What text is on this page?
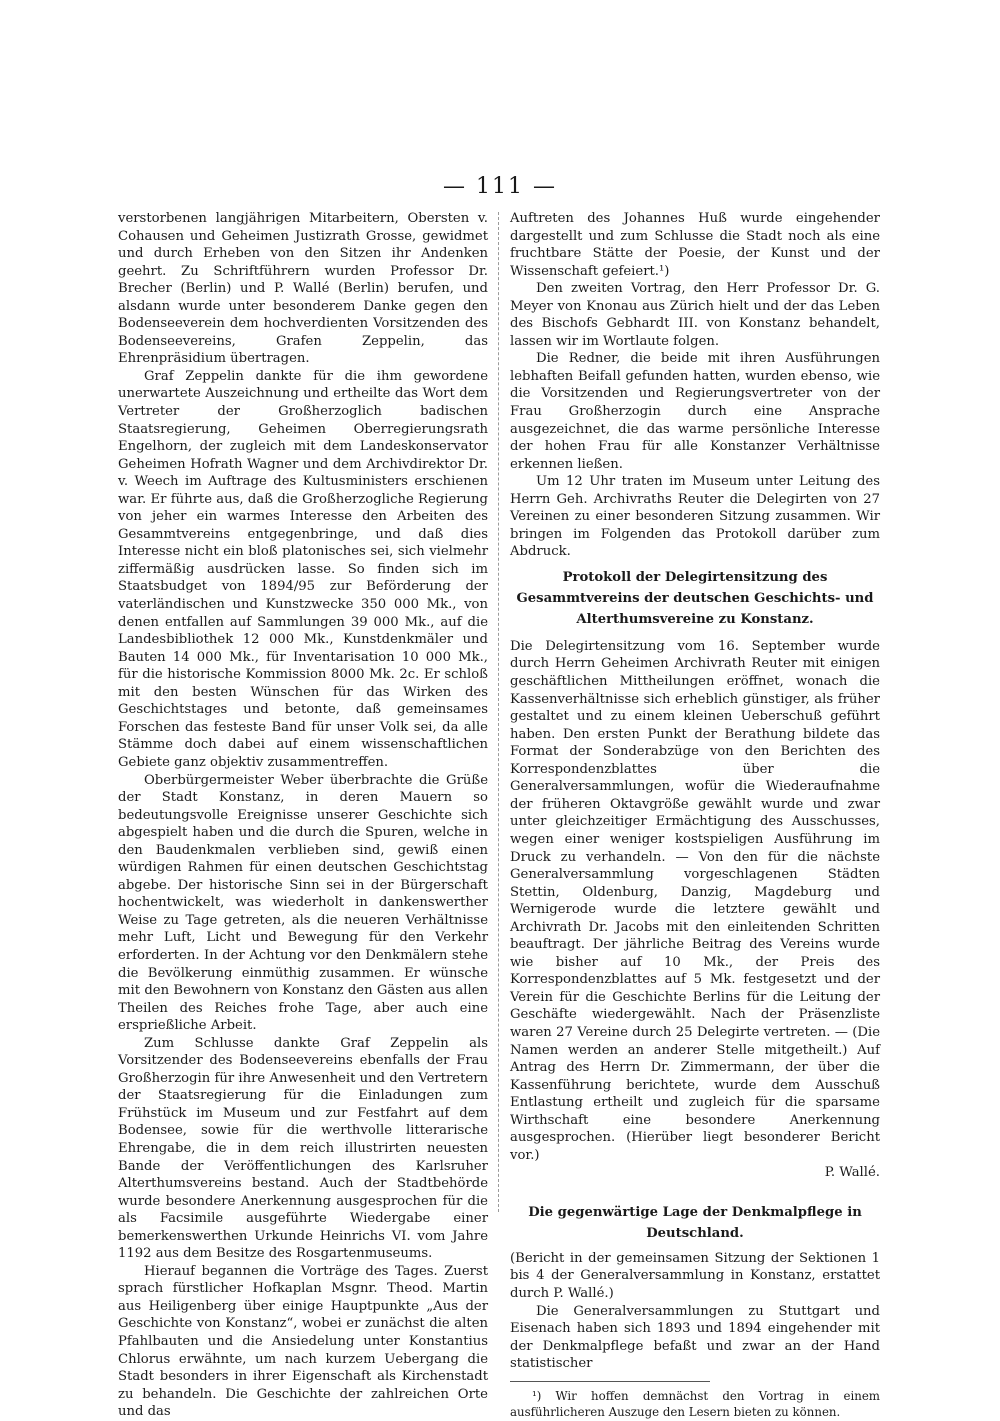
— 111 —

verstorbenen langjährigen Mitarbeitern, Obersten v. Cohausen und Geheimen Justizrath Grosse, gewidmet und durch Erheben von den Sitzen ihr Andenken geehrt. Zu Schriftführern wurden Professor Dr. Brecher (Berlin) und P. Wallé (Berlin) berufen, und alsdann wurde unter besonderem Danke gegen den Bodenseeverein dem hochverdienten Vorsitzenden des Bodenseevereins, Grafen Zeppelin, das Ehrenpräsidium übertragen.

Graf Zeppelin dankte für die ihm gewordene unerwartete Auszeichnung und ertheilte das Wort dem Vertreter der Großherzoglich badischen Staatsregierung, Geheimen Oberregierungsrath Engelhorn, der zugleich mit dem Landeskonservator Geheimen Hofrath Wagner und dem Archivdirektor Dr. v. Weech im Auftrage des Kultusministers erschienen war. Er führte aus, daß die Großherzogliche Regierung von jeher ein warmes Interesse den Arbeiten des Gesammtvereins entgegenbringe, und daß dies Interesse nicht ein bloß platonisches sei, sich vielmehr ziffermäßig ausdrücken lasse. So finden sich im Staatsbudget von 1894/95 zur Beförderung der vaterländischen und Kunstzwecke 350 000 Mk., von denen entfallen auf Sammlungen 39 000 Mk., auf die Landesbibliothek 12 000 Mk., Kunstdenkmäler und Bauten 14 000 Mk., für Inventarisation 10 000 Mk., für die historische Kommission 8000 Mk. 2c. Er schloß mit den besten Wünschen für das Wirken des Geschichtstages und betonte, daß gemeinsames Forschen das festeste Band für unser Volk sei, da alle Stämme doch dabei auf einem wissenschaftlichen Gebiete ganz objektiv zusammentreffen.

Oberbürgermeister Weber überbrachte die Grüße der Stadt Konstanz, in deren Mauern so bedeutungsvolle Ereignisse unserer Geschichte sich abgespielt haben und die durch die Spuren, welche in den Baudenkmalen verblieben sind, gewiß einen würdigen Rahmen für einen deutschen Geschichtstag abgebe. Der historische Sinn sei in der Bürgerschaft hochentwickelt, was wiederholt in dankenswerther Weise zu Tage getreten, als die neueren Verhältnisse mehr Luft, Licht und Bewegung für den Verkehr erforderten. In der Achtung vor den Denkmälern stehe die Bevölkerung einmüthig zusammen. Er wünsche mit den Bewohnern von Konstanz den Gästen aus allen Theilen des Reiches frohe Tage, aber auch eine ersprießliche Arbeit.

Zum Schlusse dankte Graf Zeppelin als Vorsitzender des Bodenseevereins ebenfalls der Frau Großherzogin für ihre Anwesenheit und den Vertretern der Staatsregierung für die Einladungen zum Frühstück im Museum und zur Festfahrt auf dem Bodensee, sowie für die werthvolle litterarische Ehrengabe, die in dem reich illustrirten neuesten Bande der Veröffentlichungen des Karlsruher Alterthumsvereins bestand. Auch der Stadtbehörde wurde besondere Anerkennung ausgesprochen für die als Facsimile ausgeführte Wiedergabe einer bemerkenswerthen Urkunde Heinrichs VI. vom Jahre 1192 aus dem Besitze des Rosgartenmuseums.

Hierauf begannen die Vorträge des Tages. Zuerst sprach fürstlicher Hofkaplan Msgnr. Theod. Martin aus Heiligenberg über einige Hauptpunkte „Aus der Geschichte von Konstanz“, wobei er zunächst die alten Pfahlbauten und die Ansiedelung unter Konstantius Chlorus erwähnte, um nach kurzem Uebergang die Stadt besonders in ihrer Eigenschaft als Kirchenstadt zu behandeln. Die Geschichte der zahlreichen Orte und das

Auftreten des Johannes Huß wurde eingehender dargestellt und zum Schlusse die Stadt noch als eine fruchtbare Stätte der Poesie, der Kunst und der Wissenschaft gefeiert.¹)

Den zweiten Vortrag, den Herr Professor Dr. G. Meyer von Knonau aus Zürich hielt und der das Leben des Bischofs Gebhardt III. von Konstanz behandelt, lassen wir im Wortlaute folgen.

Die Redner, die beide mit ihren Ausführungen lebhaften Beifall gefunden hatten, wurden ebenso, wie die Vorsitzenden und Regierungsvertreter von der Frau Großherzogin durch eine Ansprache ausgezeichnet, die das warme persönliche Interesse der hohen Frau für alle Konstanzer Verhältnisse erkennen ließen.

Um 12 Uhr traten im Museum unter Leitung des Herrn Geh. Archivraths Reuter die Delegirten von 27 Vereinen zu einer besonderen Sitzung zusammen. Wir bringen im Folgenden das Protokoll darüber zum Abdruck.

Protokoll der Delegirtensitzung des Gesammtvereins der deutschen Geschichts- und Alterthumsvereine zu Konstanz.

Die Delegirtensitzung vom 16. September wurde durch Herrn Geheimen Archivrath Reuter mit einigen geschäftlichen Mittheilungen eröffnet, wonach die Kassenverhältnisse sich erheblich günstiger, als früher gestaltet und zu einem kleinen Ueberschuß geführt haben. Den ersten Punkt der Berathung bildete das Format der Sonderabzüge von den Berichten des Korrespondenzblattes über die Generalversammlungen, wofür die Wiederaufnahme der früheren Oktavgröße gewählt wurde und zwar unter gleichzeitiger Ermächtigung des Ausschusses, wegen einer weniger kostspieligen Ausführung im Druck zu verhandeln. — Von den für die nächste Generalversammlung vorgeschlagenen Städten Stettin, Oldenburg, Danzig, Magdeburg und Wernigerode wurde die letztere gewählt und Archivrath Dr. Jacobs mit den einleitenden Schritten beauftragt. Der jährliche Beitrag des Vereins wurde wie bisher auf 10 Mk., der Preis des Korrespondenzblattes auf 5 Mk. festgesetzt und der Verein für die Geschichte Berlins für die Leitung der Geschäfte wiedergewählt. Nach der Präsenzliste waren 27 Vereine durch 25 Delegirte vertreten. — (Die Namen werden an anderer Stelle mitgetheilt.) Auf Antrag des Herrn Dr. Zimmermann, der über die Kassenführung berichtete, wurde dem Ausschuß Entlastung ertheilt und zugleich für die sparsame Wirthschaft eine besondere Anerkennung ausgesprochen. (Hierüber liegt besonderer Bericht vor.)

P. Wallé.
Die gegenwärtige Lage der Denkmalpflege in Deutschland.

(Bericht in der gemeinsamen Sitzung der Sektionen 1 bis 4 der Generalversammlung in Konstanz, erstattet durch P. Wallé.)

Die Generalversammlungen zu Stuttgart und Eisenach haben sich 1893 und 1894 eingehender mit der Denkmalpflege befaßt und zwar an der Hand statistischer

¹) Wir hoffen demnächst den Vortrag in einem ausführlicheren Auszuge den Lesern bieten zu können.
